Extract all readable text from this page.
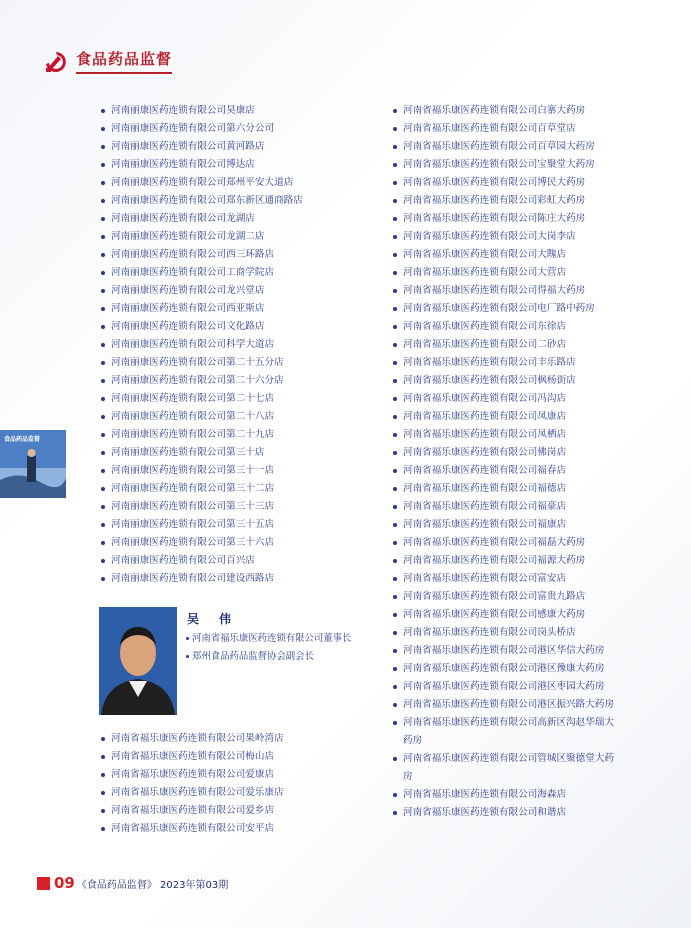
食品药品监督
食品药品监督
河南丽康医药连锁有限公司昊康店
河南丽康医药连锁有限公司第六分公司
河南丽康医药连锁有限公司黄河路店
河南丽康医药连锁有限公司博达店
河南丽康医药连锁有限公司郑州平安大道店
河南丽康医药连锁有限公司郑东新区通商路店
河南丽康医药连锁有限公司龙湖店
河南丽康医药连锁有限公司龙湖二店
河南丽康医药连锁有限公司西三环路店
河南丽康医药连锁有限公司工商学院店
河南丽康医药连锁有限公司龙兴堂店
河南丽康医药连锁有限公司西亚斯店
河南丽康医药连锁有限公司文化路店
河南丽康医药连锁有限公司科学大道店
河南丽康医药连锁有限公司第二十五分店
河南丽康医药连锁有限公司第二十六分店
河南丽康医药连锁有限公司第二十七店
河南丽康医药连锁有限公司第二十八店
河南丽康医药连锁有限公司第二十九店
河南丽康医药连锁有限公司第三十店
河南丽康医药连锁有限公司第三十一店
河南丽康医药连锁有限公司第三十二店
河南丽康医药连锁有限公司第三十三店
河南丽康医药连锁有限公司第三十五店
河南丽康医药连锁有限公司第三十六店
河南丽康医药连锁有限公司百兴店
河南丽康医药连锁有限公司建设西路店
吴　伟
河南省福乐康医药连锁有限公司董事长
郑州食品药品监督协会副会长
河南省福乐康医药连锁有限公司果岭湾店
河南省福乐康医药连锁有限公司梅山店
河南省福乐康医药连锁有限公司爱康店
河南省福乐康医药连锁有限公司爱乐康店
河南省福乐康医药连锁有限公司爱乡店
河南省福乐康医药连锁有限公司安平店
河南省福乐康医药连锁有限公司白寨大药房
河南省福乐康医药连锁有限公司百草堂店
河南省福乐康医药连锁有限公司百草园大药房
河南省福乐康医药连锁有限公司宝聚堂大药房
河南省福乐康医药连锁有限公司博民大药房
河南省福乐康医药连锁有限公司彩虹大药房
河南省福乐康医药连锁有限公司陈庄大药房
河南省福乐康医药连锁有限公司大岗李店
河南省福乐康医药连锁有限公司大隗店
河南省福乐康医药连锁有限公司大营店
河南省福乐康医药连锁有限公司得福大药房
河南省福乐康医药连锁有限公司电厂路中药房
河南省福乐康医药连锁有限公司东徐店
河南省福乐康医药连锁有限公司二砂店
河南省福乐康医药连锁有限公司丰乐路店
河南省福乐康医药连锁有限公司枫杨街店
河南省福乐康医药连锁有限公司冯沟店
河南省福乐康医药连锁有限公司凤康店
河南省福乐康医药连锁有限公司凤栖店
河南省福乐康医药连锁有限公司佛岗店
河南省福乐康医药连锁有限公司福春店
河南省福乐康医药连锁有限公司福德店
河南省福乐康医药连锁有限公司福豪店
河南省福乐康医药连锁有限公司福康店
河南省福乐康医药连锁有限公司福磊大药房
河南省福乐康医药连锁有限公司福源大药房
河南省福乐康医药连锁有限公司富安店
河南省福乐康医药连锁有限公司富贵九路店
河南省福乐康医药连锁有限公司感康大药房
河南省福乐康医药连锁有限公司岗头桥店
河南省福乐康医药连锁有限公司港区华信大药房
河南省福乐康医药连锁有限公司港区豫康大药房
河南省福乐康医药连锁有限公司港区枣园大药房
河南省福乐康医药连锁有限公司港区振兴路大药房
河南省福乐康医药连锁有限公司高新区沟赵华瑞大药房
河南省福乐康医药连锁有限公司管城区聚德堂大药房
河南省福乐康医药连锁有限公司海森店
河南省福乐康医药连锁有限公司和谐店
09 《食品药品监督》 2023年第03期
